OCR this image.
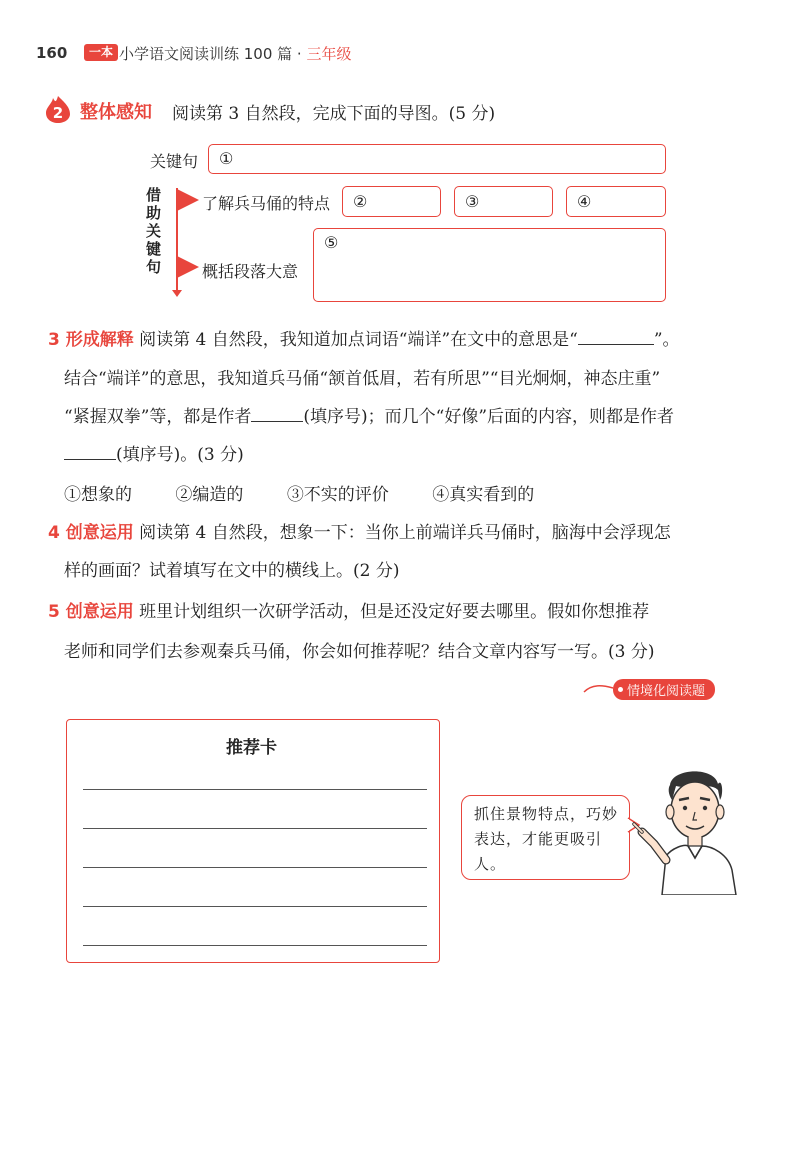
160	一本 小学语文阅读训练 100 篇 · 三年级
2 整体感知 阅读第 3 自然段，完成下面的导图。(5 分)
关键句	①
借
助
关
键
句
了解兵马俑的特点
概括段落大意
②	③	④
⑤
3 形成解释 阅读第 4 自然段，我知道加点词语“端详”在文中的意思是“	”。
结合“端详”的意思，我知道兵马俑“颔首低眉，若有所思”“目光炯炯，神态庄重”
“紧握双拳”等，都是作者	(填序号)；而几个“好像”后面的内容，则都是作者
(填序号)。(3 分)
①想象的	②编造的	③不实的评价	④真实看到的
4 创意运用 阅读第 4 自然段，想象一下：当你上前端详兵马俑时，脑海中会浮现怎
样的画面？试着填写在文中的横线上。(2 分)
5 创意运用 班里计划组织一次研学活动，但是还没定好要去哪里。假如你想推荐
老师和同学们去参观秦兵马俑，你会如何推荐呢？结合文章内容写一写。(3 分)
情境化阅读题
推荐卡
抓住景物特点，巧妙表达，才能更吸引人。
